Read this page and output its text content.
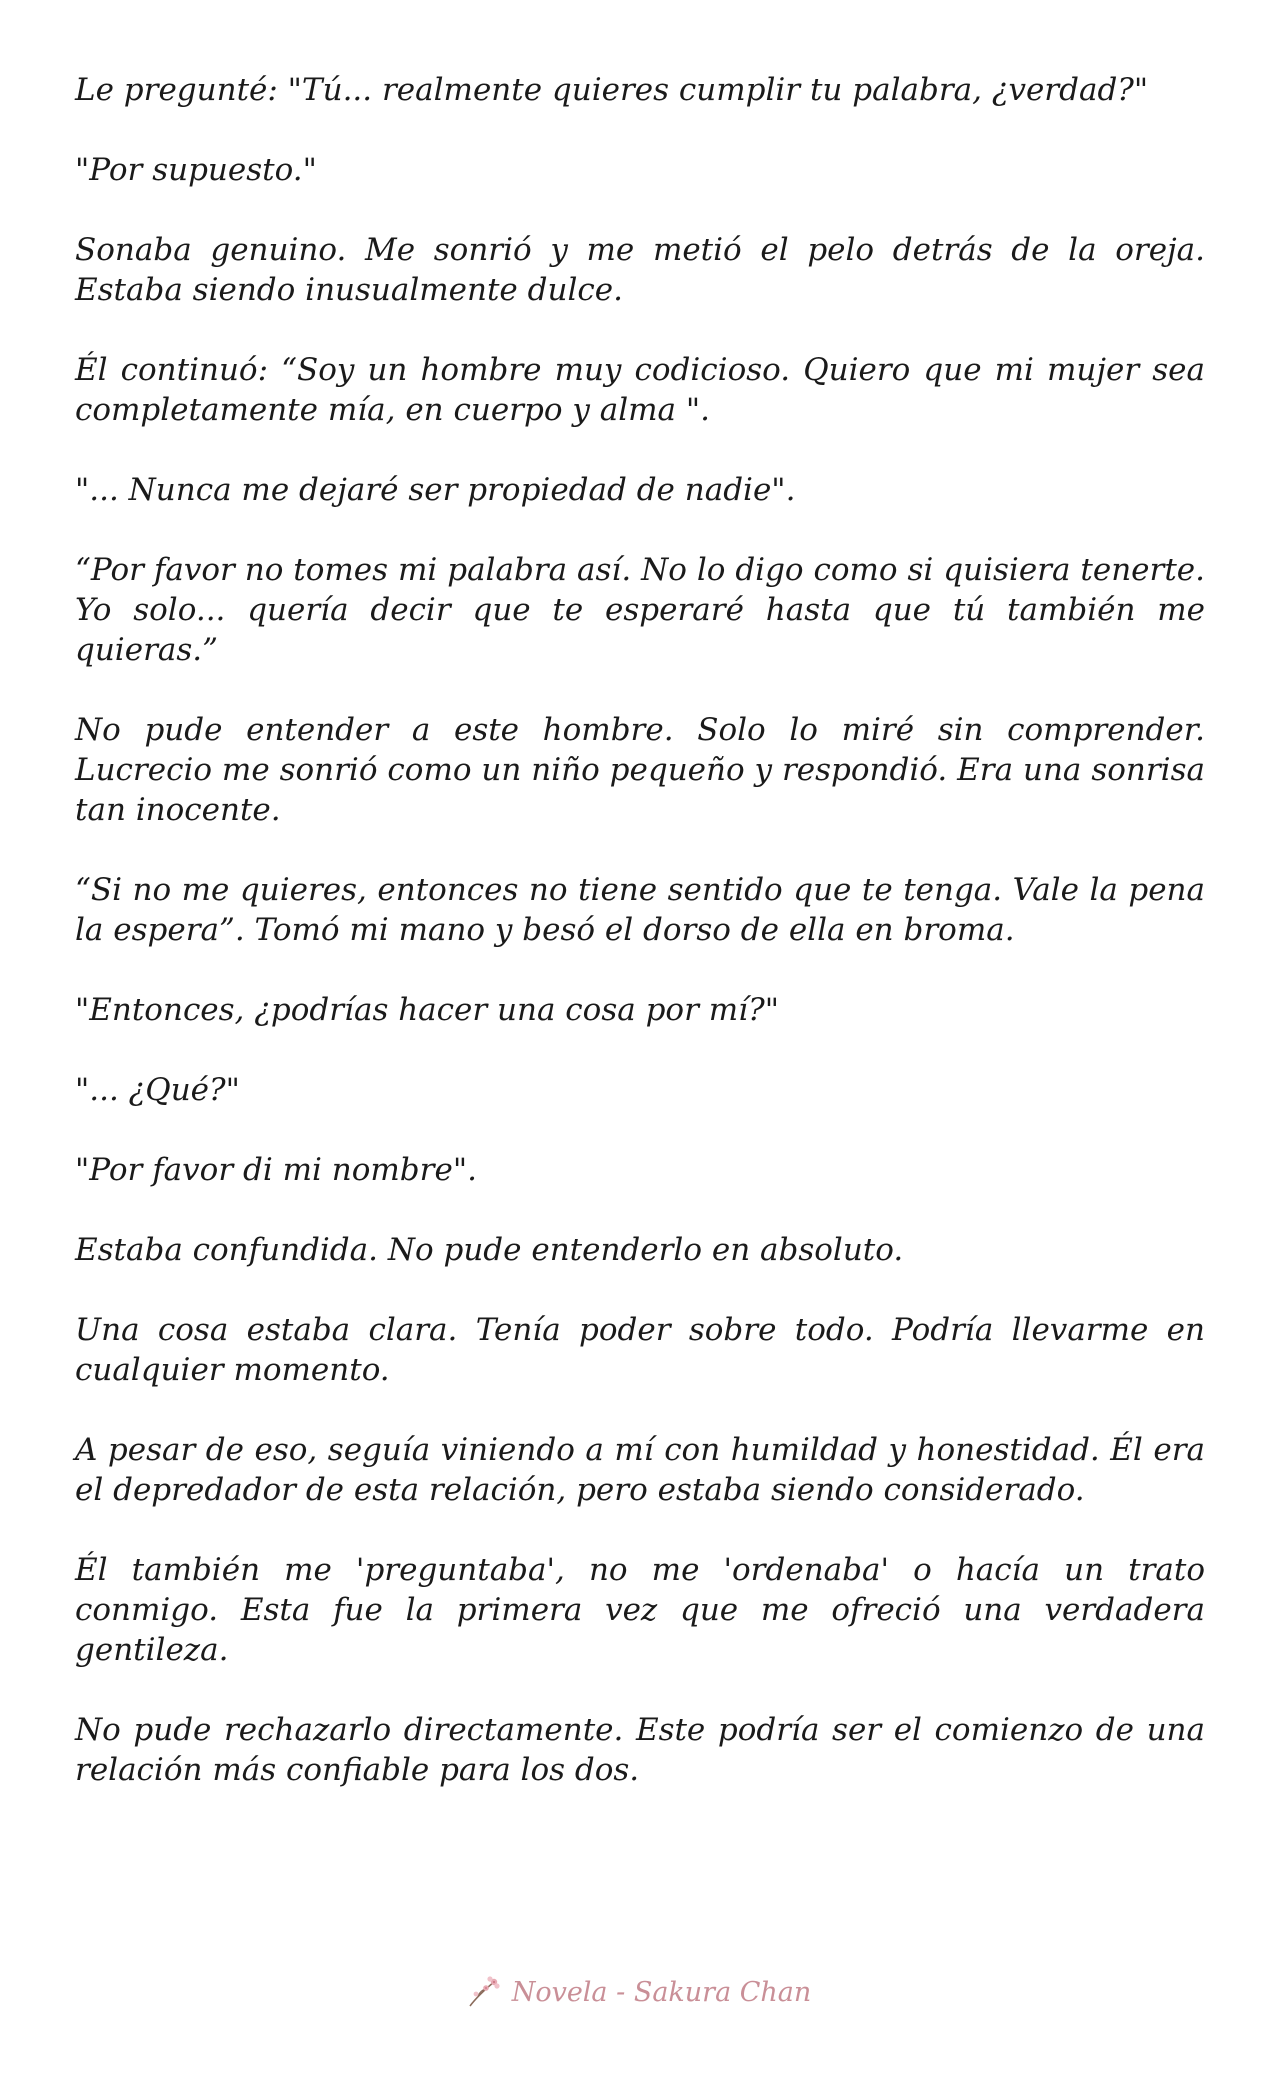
Le pregunté: "Tú... realmente quieres cumplir tu palabra, ¿verdad?"

"Por supuesto."

Sonaba genuino. Me sonrió y me metió el pelo detrás de la oreja. Estaba siendo inusualmente dulce.

Él continuó: “Soy un hombre muy codicioso. Quiero que mi mujer sea completamente mía, en cuerpo y alma ".

"... Nunca me dejaré ser propiedad de nadie".

“Por favor no tomes mi palabra así. No lo digo como si quisiera tenerte. Yo solo... quería decir que te esperaré hasta que tú también me quieras.”

No pude entender a este hombre. Solo lo miré sin comprender. Lucrecio me sonrió como un niño pequeño y respondió. Era una sonrisa tan inocente.

“Si no me quieres, entonces no tiene sentido que te tenga. Vale la pena la espera”. Tomó mi mano y besó el dorso de ella en broma.

"Entonces, ¿podrías hacer una cosa por mí?"

"... ¿Qué?"

"Por favor di mi nombre".

Estaba confundida. No pude entenderlo en absoluto.

Una cosa estaba clara. Tenía poder sobre todo. Podría llevarme en cualquier momento.

A pesar de eso, seguía viniendo a mí con humildad y honestidad. Él era el depredador de esta relación, pero estaba siendo considerado.

Él también me 'preguntaba', no me 'ordenaba' o hacía un trato conmigo. Esta fue la primera vez que me ofreció una verdadera gentileza.

No pude rechazarlo directamente. Este podría ser el comienzo de una relación más confiable para los dos.

Novela - Sakura Chan
